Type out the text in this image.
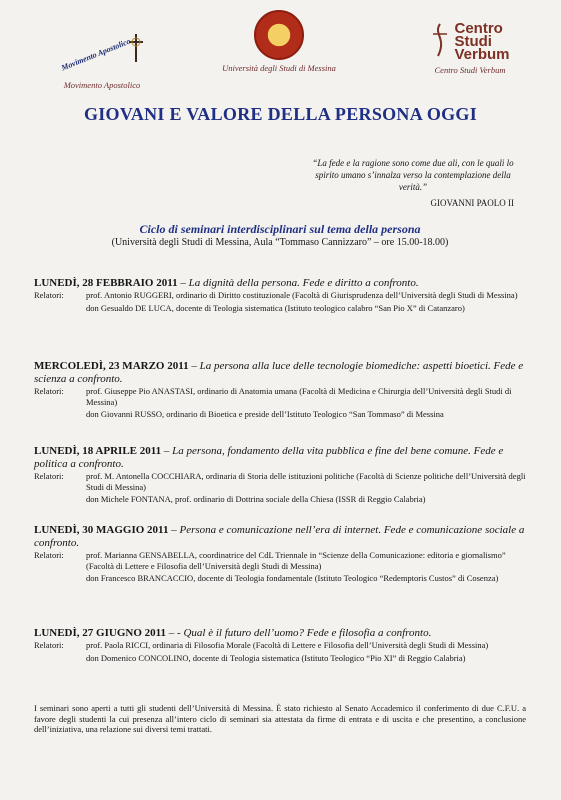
Movimento Apostolico
Movimento Apostolico
Università degli Studi di Messina
Centro
Studi
Verbum
Centro Studi Verbum
GIOVANI E VALORE DELLA PERSONA OGGI
“La fede e la ragione sono come due ali, con le quali lo spirito umano s’innalza verso la contemplazione della verità.”
GIOVANNI PAOLO II
Ciclo di seminari interdisciplinari sul tema della persona
(Università degli Studi di Messina, Aula “Tommaso Cannizzaro” – ore 15.00-18.00)
LUNEDÌ, 28 FEBBRAIO 2011 – La dignità della persona. Fede e diritto a confronto.
Relatori:	prof. Antonio RUGGERI, ordinario di Diritto costituzionale (Facoltà di Giurisprudenza dell’Università degli Studi di Messina)
don Gesualdo DE LUCA, docente di Teologia sistematica (Istituto teologico calabro “San Pio X” di Catanzaro)
MERCOLEDÌ, 23 MARZO 2011 – La persona alla luce delle tecnologie biomediche: aspetti bioetici. Fede e scienza a confronto.
Relatori:	prof. Giuseppe Pio ANASTASI, ordinario di Anatomia umana (Facoltà di Medicina e Chirurgia dell’Università degli Studi di Messina)
don Giovanni RUSSO, ordinario di Bioetica e preside dell’Istituto Teologico “San Tommaso” di Messina
LUNEDÌ, 18 APRILE 2011 – La persona, fondamento della vita pubblica e fine del bene comune. Fede e politica a confronto.
Relatori:	prof. M. Antonella COCCHIARA, ordinaria di Storia delle istituzioni politiche (Facoltà di Scienze politiche dell’Università degli Studi di Messina)
don Michele FONTANA, prof. ordinario di Dottrina sociale della Chiesa (ISSR di Reggio Calabria)
LUNEDÌ, 30 MAGGIO 2011 – Persona e comunicazione nell’era di internet. Fede e comunicazione sociale a confronto.
Relatori:	prof. Marianna GENSABELLA, coordinatrice del CdL Triennale in “Scienze della Comunicazione: editoria e giornalismo” (Facoltà di Lettere e Filosofia dell’Università degli Studi di Messina)
don Francesco BRANCACCIO, docente di Teologia fondamentale (Istituto Teologico “Redemptoris Custos” di Cosenza)
LUNEDÌ, 27 GIUGNO 2011 – - Qual è il futuro dell’uomo? Fede e filosofia a confronto.
Relatori:	prof. Paola RICCI, ordinaria di Filosofia Morale (Facoltà di Lettere e Filosofia dell’Università degli Studi di Messina)
don Domenico CONCOLINO, docente di Teologia sistematica (Istituto Teologico “Pio XI” di Reggio Calabria)
I seminari sono aperti a tutti gli studenti dell’Università di Messina. È stato richiesto al Senato Accademico il conferimento di due C.F.U. a favore degli studenti la cui presenza all’intero ciclo di seminari sia attestata da firme di entrata e di uscita e che presentino, a conclusione dell’iniziativa, una relazione sui diversi temi trattati.
